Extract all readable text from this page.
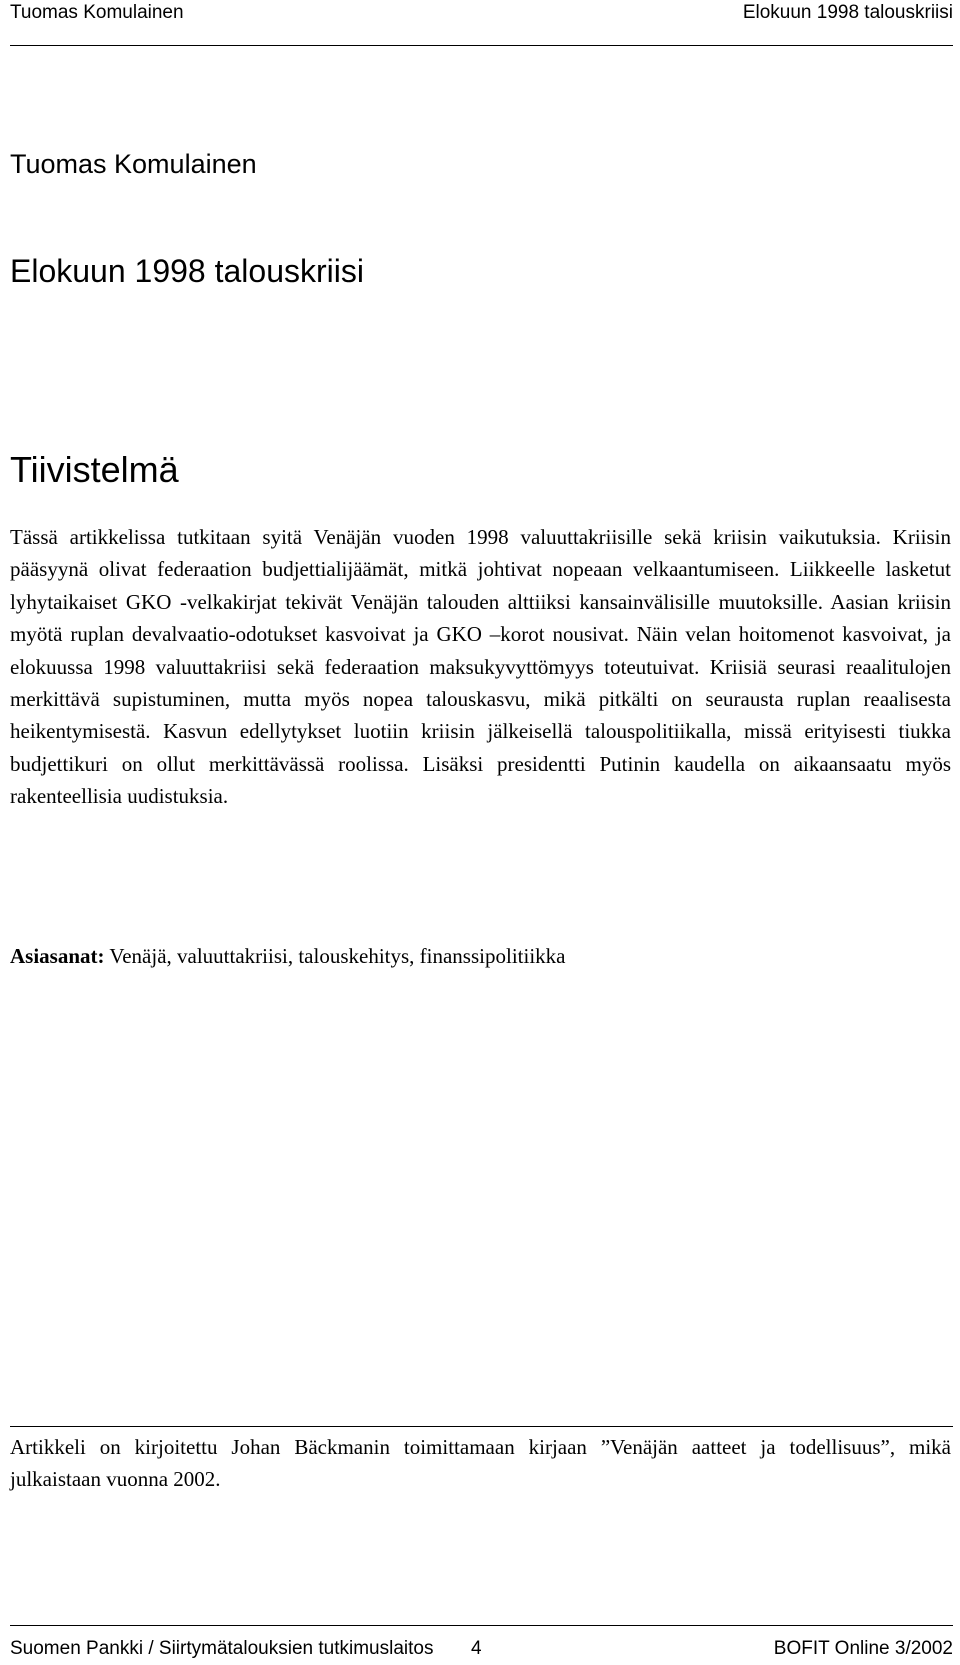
Tuomas Komulainen	Elokuun 1998 talouskriisi
Tuomas Komulainen
Elokuun 1998 talouskriisi
Tiivistelmä

Tässä artikkelissa tutkitaan syitä Venäjän vuoden 1998 valuuttakriisille sekä kriisin vaikutuksia. Kriisin pääsyynä olivat federaation budjettialijäämät, mitkä johtivat nopeaan velkaantumiseen. Liikkeelle lasketut lyhytaikaiset GKO -velkakirjat tekivät Venäjän talouden alttiiksi kansainvälisille muutoksille. Aasian kriisin myötä ruplan devalvaatio-odotukset kasvoivat ja GKO –korot nousivat. Näin velan hoitomenot kasvoivat, ja elokuussa 1998 valuuttakriisi sekä federaation maksukyvyttömyys toteutuivat. Kriisiä seurasi reaalitulojen merkittävä supistuminen, mutta myös nopea talouskasvu, mikä pitkälti on seurausta ruplan reaalisesta heikentymisestä. Kasvun edellytykset luotiin kriisin jälkeisellä talouspolitiikalla, missä erityisesti tiukka budjettikuri on ollut merkittävässä roolissa. Lisäksi presidentti Putinin kaudella on aikaansaatu myös rakenteellisia uudistuksia.

Asiasanat: Venäjä, valuuttakriisi, talouskehitys, finanssipolitiikka

Artikkeli on kirjoitettu Johan Bäckmanin toimittamaan kirjaan ”Venäjän aatteet ja todellisuus”, mikä julkaistaan vuonna 2002.

Suomen Pankki / Siirtymätalouksien tutkimuslaitos 4	BOFIT Online 3/2002
